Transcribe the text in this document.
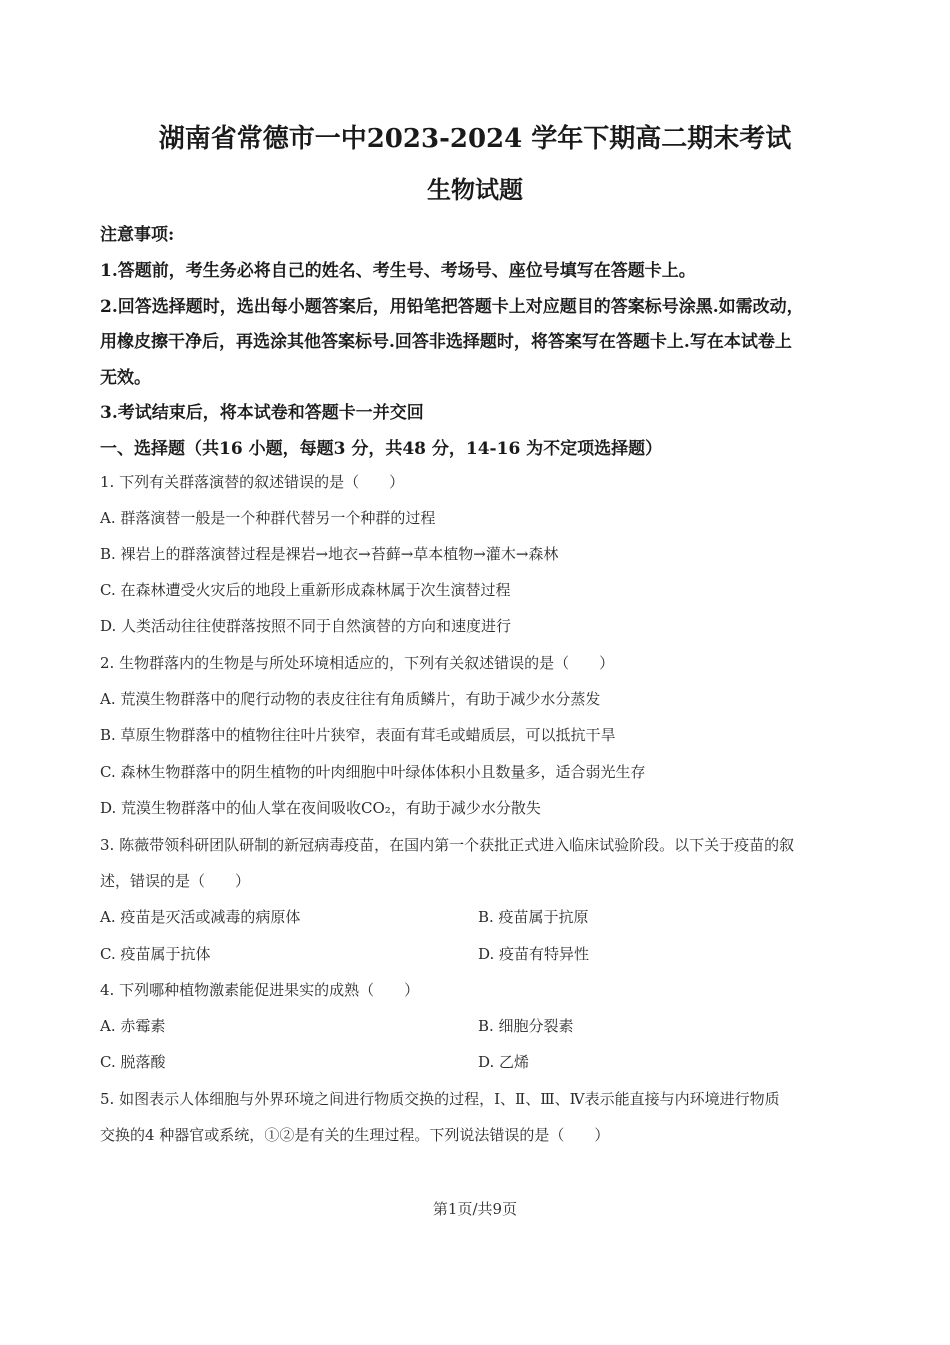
湖南省常德市一中2023-2024 学年下期高二期末考试
生物试题
注意事项:
1.答题前，考生务必将自己的姓名、考生号、考场号、座位号填写在答题卡上。
2.回答选择题时，选出每小题答案后，用铅笔把答题卡上对应题目的答案标号涂黑.如需改动，
用橡皮擦干净后，再选涂其他答案标号.回答非选择题时，将答案写在答题卡上.写在本试卷上
无效。
3.考试结束后，将本试卷和答题卡一并交回
一、选择题（共16 小题，每题3 分，共48 分，14-16 为不定项选择题）
1. 下列有关群落演替的叙述错误的是（　　）
A. 群落演替一般是一个种群代替另一个种群的过程
B. 裸岩上的群落演替过程是裸岩→地衣→苔藓→草本植物→灌木→森林
C. 在森林遭受火灾后的地段上重新形成森林属于次生演替过程
D. 人类活动往往使群落按照不同于自然演替的方向和速度进行
2. 生物群落内的生物是与所处环境相适应的，下列有关叙述错误的是（　　）
A. 荒漠生物群落中的爬行动物的表皮往往有角质鳞片，有助于减少水分蒸发
B. 草原生物群落中的植物往往叶片狭窄，表面有茸毛或蜡质层，可以抵抗干旱
C. 森林生物群落中的阴生植物的叶肉细胞中叶绿体体积小且数量多，适合弱光生存
D. 荒漠生物群落中的仙人掌在夜间吸收CO₂，有助于减少水分散失
3. 陈薇带领科研团队研制的新冠病毒疫苗，在国内第一个获批正式进入临床试验阶段。以下关于疫苗的叙
述，错误的是（　　）
A. 疫苗是灭活或减毒的病原体	B. 疫苗属于抗原
C. 疫苗属于抗体	D. 疫苗有特异性
4. 下列哪种植物激素能促进果实的成熟（　　）
A. 赤霉素	B. 细胞分裂素
C. 脱落酸	D. 乙烯
5. 如图表示人体细胞与外界环境之间进行物质交换的过程，Ⅰ、Ⅱ、Ⅲ、Ⅳ表示能直接与内环境进行物质
交换的4 种器官或系统，①②是有关的生理过程。下列说法错误的是（　　）
第1页/共9页
